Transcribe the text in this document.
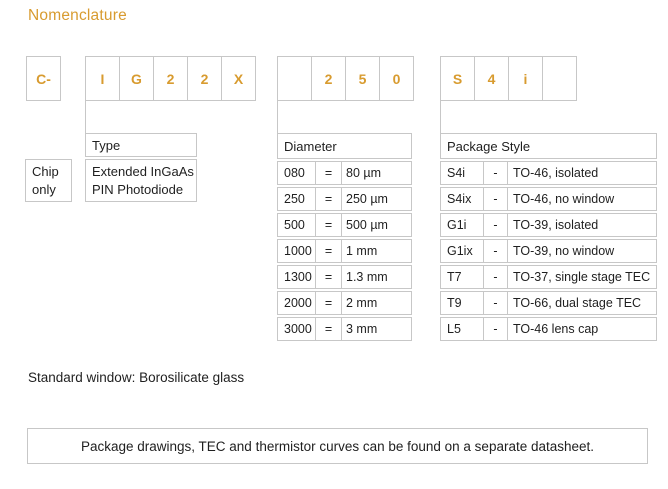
Nomenclature
C-	I	G	2	2	X	2	5	0	S	4	i
Chip only
Type
Extended InGaAs PIN Photodiode
Diameter
080	=	80 µm
250	=	250 µm
500	=	500 µm
1000	=	1 mm
1300	=	1.3 mm
2000	=	2 mm
3000	=	3 mm
Package Style
S4i	-	TO-46, isolated
S4ix	-	TO-46, no window
G1i	-	TO-39, isolated
G1ix	-	TO-39, no window
T7	-	TO-37, single stage TEC
T9	-	TO-66, dual stage TEC
L5	-	TO-46 lens cap
Standard window: Borosilicate glass
Package drawings, TEC and thermistor curves can be found on a separate datasheet.
